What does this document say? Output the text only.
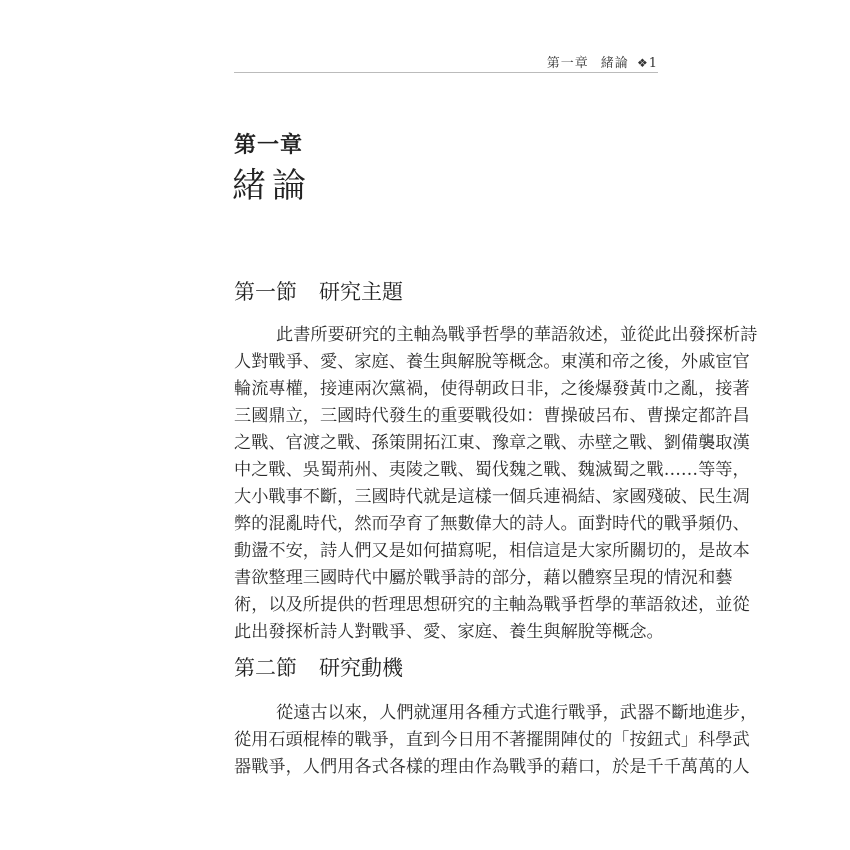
第一章 緒論 ❖1
第一章
緒論
第一節 研究主題
此書所要研究的主軸為戰爭哲學的華語敘述，並從此出發探析詩
人對戰爭、愛、家庭、養生與解脫等概念。東漢和帝之後，外戚宦官
輪流專權，接連兩次黨禍，使得朝政日非，之後爆發黃巾之亂，接著
三國鼎立，三國時代發生的重要戰役如：曹操破呂布、曹操定都許昌
之戰、官渡之戰、孫策開拓江東、豫章之戰、赤壁之戰、劉備襲取漢
中之戰、吳蜀荊州、夷陵之戰、蜀伐魏之戰、魏滅蜀之戰……等等，
大小戰事不斷，三國時代就是這樣一個兵連禍結、家國殘破、民生凋
弊的混亂時代，然而孕育了無數偉大的詩人。面對時代的戰爭頻仍、
動盪不安，詩人們又是如何描寫呢，相信這是大家所關切的，是故本
書欲整理三國時代中屬於戰爭詩的部分，藉以體察呈現的情況和藝
術，以及所提供的哲理思想研究的主軸為戰爭哲學的華語敘述，並從
此出發探析詩人對戰爭、愛、家庭、養生與解脫等概念。
第二節 研究動機
從遠古以來，人們就運用各種方式進行戰爭，武器不斷地進步，
從用石頭棍棒的戰爭，直到今日用不著擺開陣仗的「按鈕式」科學武
器戰爭，人們用各式各樣的理由作為戰爭的藉口，於是千千萬萬的人
